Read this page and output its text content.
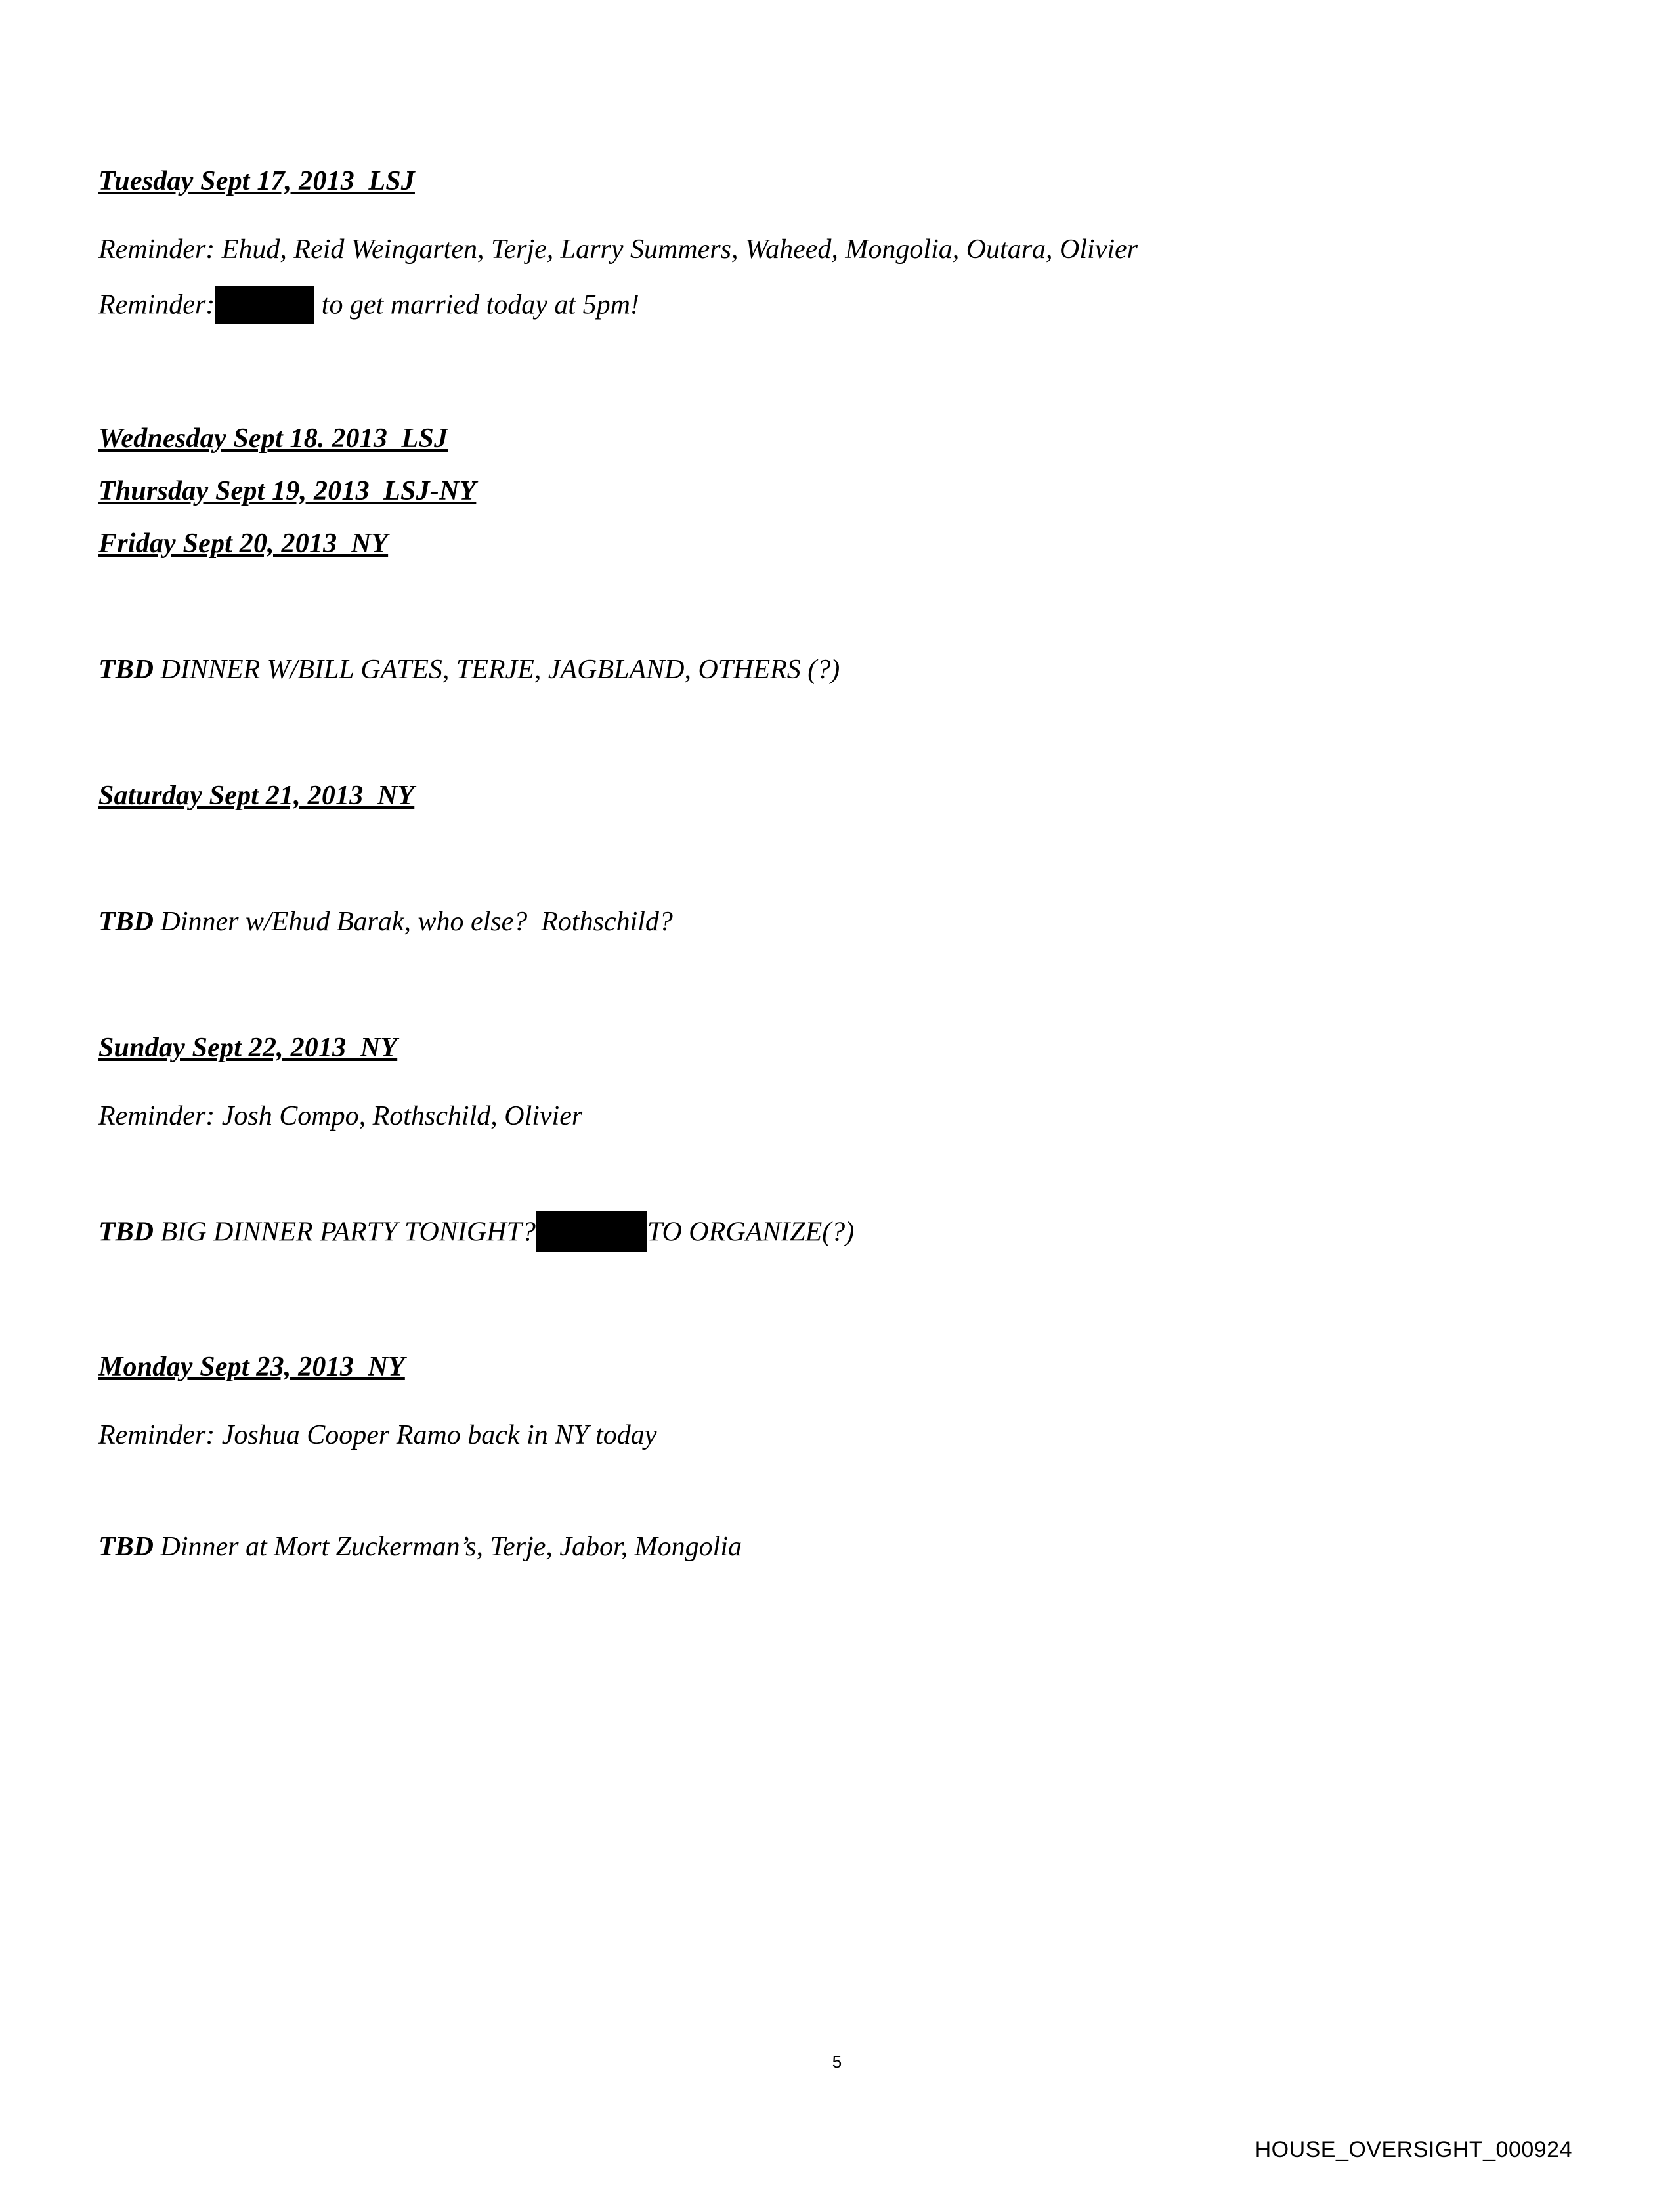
Tuesday Sept 17, 2013  LSJ
Reminder: Ehud, Reid Weingarten, Terje, Larry Summers, Waheed, Mongolia, Outara, Olivier
Reminder:	to get married today at 5pm!
Wednesday Sept 18. 2013  LSJ
Thursday Sept 19, 2013  LSJ-NY
Friday Sept 20, 2013  NY
TBD DINNER W/BILL GATES, TERJE, JAGBLAND, OTHERS (?)
Saturday Sept 21, 2013  NY
TBD Dinner w/Ehud Barak, who else?  Rothschild?
Sunday Sept 22, 2013  NY
Reminder: Josh Compo, Rothschild, Olivier
TBD BIG DINNER PARTY TONIGHT?	TO ORGANIZE(?)
Monday Sept 23, 2013  NY
Reminder: Joshua Cooper Ramo back in NY today
TBD Dinner at Mort Zuckerman’s, Terje, Jabor, Mongolia
5
HOUSE_OVERSIGHT_000924
